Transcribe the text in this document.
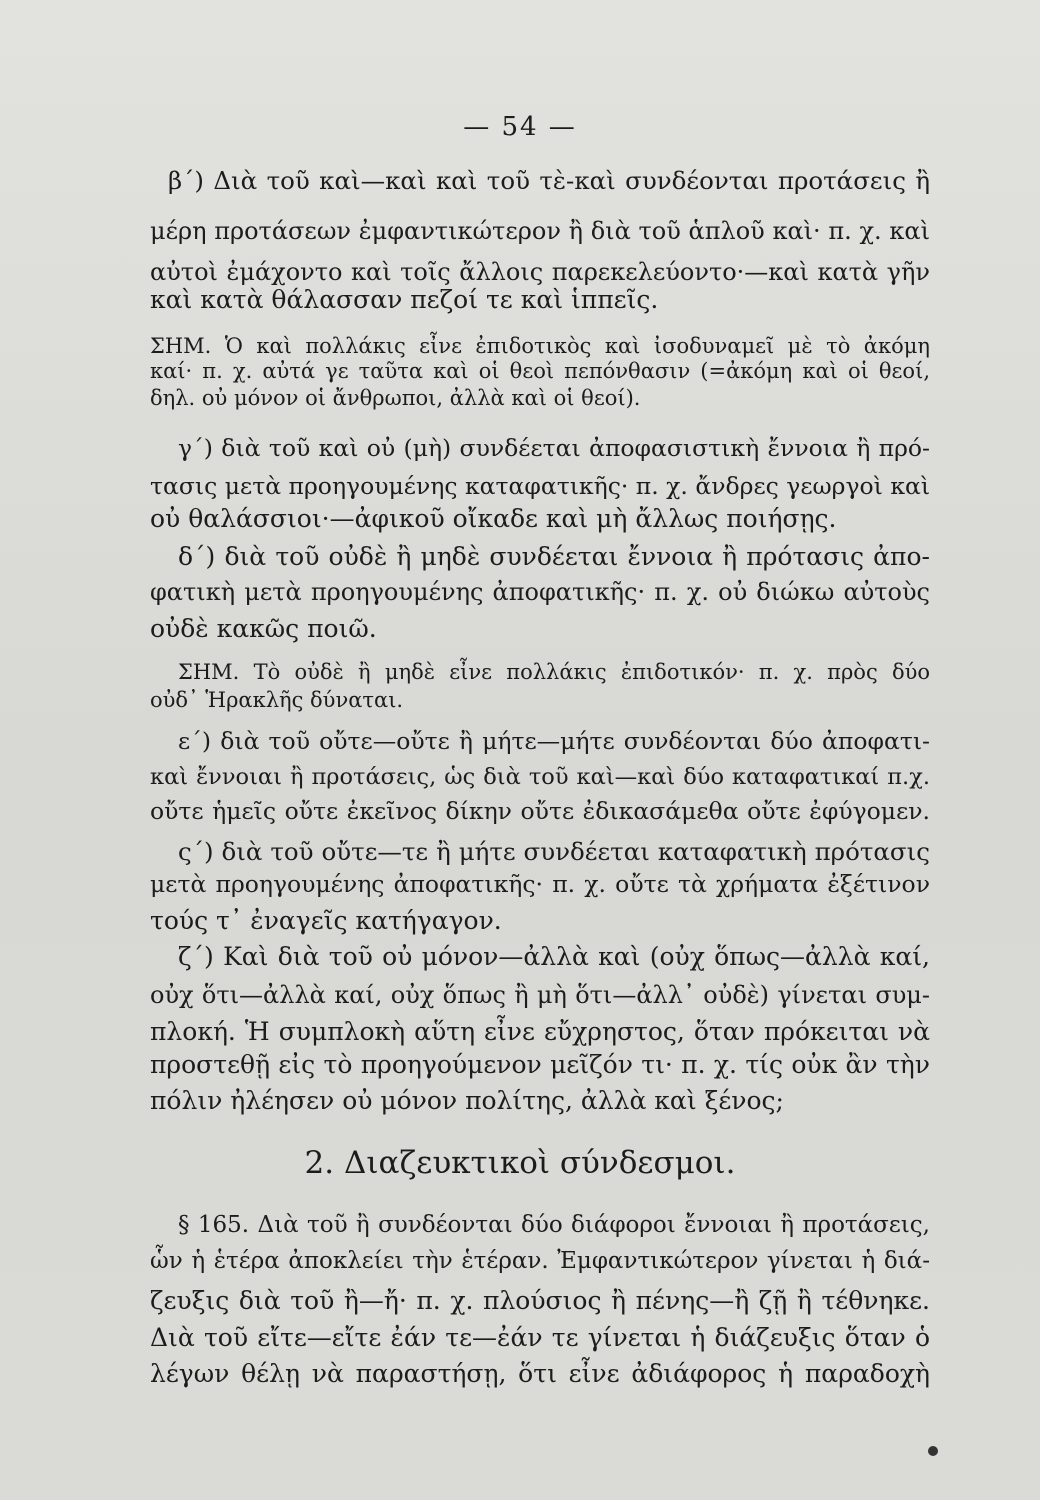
— 54 —
β΄) Διὰ τοῦ καὶ—καὶ καὶ τοῦ τὲ-καὶ συνδέονται προτάσεις ἢ
μέρη προτάσεων ἐμφαντικώτερον ἢ διὰ τοῦ ἁπλοῦ καὶ· π. χ. καὶ
αὐτοὶ ἐμάχοντο καὶ τοῖς ἄλλοις παρεκελεύοντο·—καὶ κατὰ γῆν
καὶ κατὰ θάλασσαν πεζοί τε καὶ ἱππεῖς.
ΣΗΜ. Ὁ καὶ πολλάκις εἶνε ἐπιδοτικὸς καὶ ἰσοδυναμεῖ μὲ τὸ ἀκόμη
καί· π. χ. αὐτά γε ταῦτα καὶ οἱ θεοὶ πεπόνθασιν (=ἀκόμη καὶ οἱ θεοί,
δηλ. οὐ μόνον οἱ ἄνθρωποι, ἀλλὰ καὶ οἱ θεοί).
γ΄) διὰ τοῦ καὶ οὐ (μὴ) συνδέεται ἀποφασιστικὴ ἔννοια ἢ πρό-
τασις μετὰ προηγουμένης καταφατικῆς· π. χ. ἄνδρες γεωργοὶ καὶ
οὐ θαλάσσιοι·—ἀφικοῦ οἴκαδε καὶ μὴ ἄλλως ποιήσῃς.
δ΄) διὰ τοῦ οὐδὲ ἢ μηδὲ συνδέεται ἔννοια ἢ πρότασις ἀπο-
φατικὴ μετὰ προηγουμένης ἀποφατικῆς· π. χ. οὐ διώκω αὐτοὺς
οὐδὲ κακῶς ποιῶ.
ΣΗΜ. Τὸ οὐδὲ ἢ μηδὲ εἶνε πολλάκις ἐπιδοτικόν· π. χ. πρὸς δύο
οὐδ᾽ Ἡρακλῆς δύναται.
ε΄) διὰ τοῦ οὔτε—οὔτε ἢ μήτε—μήτε συνδέονται δύο ἀποφατι-
καὶ ἔννοιαι ἢ προτάσεις, ὡς διὰ τοῦ καὶ—καὶ δύο καταφατικαί π.χ.
οὔτε ἡμεῖς οὔτε ἐκεῖνος δίκην οὔτε ἐδικασάμεθα οὔτε ἐφύγομεν.
ς΄) διὰ τοῦ οὔτε—τε ἢ μήτε συνδέεται καταφατικὴ πρότασις
μετὰ προηγουμένης ἀποφατικῆς· π. χ. οὔτε τὰ χρήματα ἐξέτινον
τούς τ᾽ ἐναγεῖς κατήγαγον.
ζ΄) Καὶ διὰ τοῦ οὐ μόνον—ἀλλὰ καὶ (οὐχ ὅπως—ἀλλὰ καί,
οὐχ ὅτι—ἀλλὰ καί, οὐχ ὅπως ἢ μὴ ὅτι—ἀλλ᾽ οὐδὲ) γίνεται συμ-
πλοκή. Ἡ συμπλοκὴ αὕτη εἶνε εὔχρηστος, ὅταν πρόκειται νὰ
προστεθῇ εἰς τὸ προηγούμενον μεῖζόν τι· π. χ. τίς οὐκ ἂν τὴν
πόλιν ἠλέησεν οὐ μόνον πολίτης, ἀλλὰ καὶ ξένος;
2. Διαζευκτικοὶ σύνδεσμοι.
§ 165. Διὰ τοῦ ἢ συνδέονται δύο διάφοροι ἔννοιαι ἢ προτάσεις,
ὧν ἡ ἑτέρα ἀποκλείει τὴν ἑτέραν. Ἐμφαντικώτερον γίνεται ἡ διά-
ζευξις διὰ τοῦ ἢ—ἤ· π. χ. πλούσιος ἢ πένης—ἢ ζῇ ἢ τέθνηκε.
Διὰ τοῦ εἴτε—εἴτε ἐάν τε—ἐάν τε γίνεται ἡ διάζευξις ὅταν ὁ
λέγων θέλῃ νὰ παραστήσῃ, ὅτι εἶνε ἀδιάφορος ἡ παραδοχὴ
